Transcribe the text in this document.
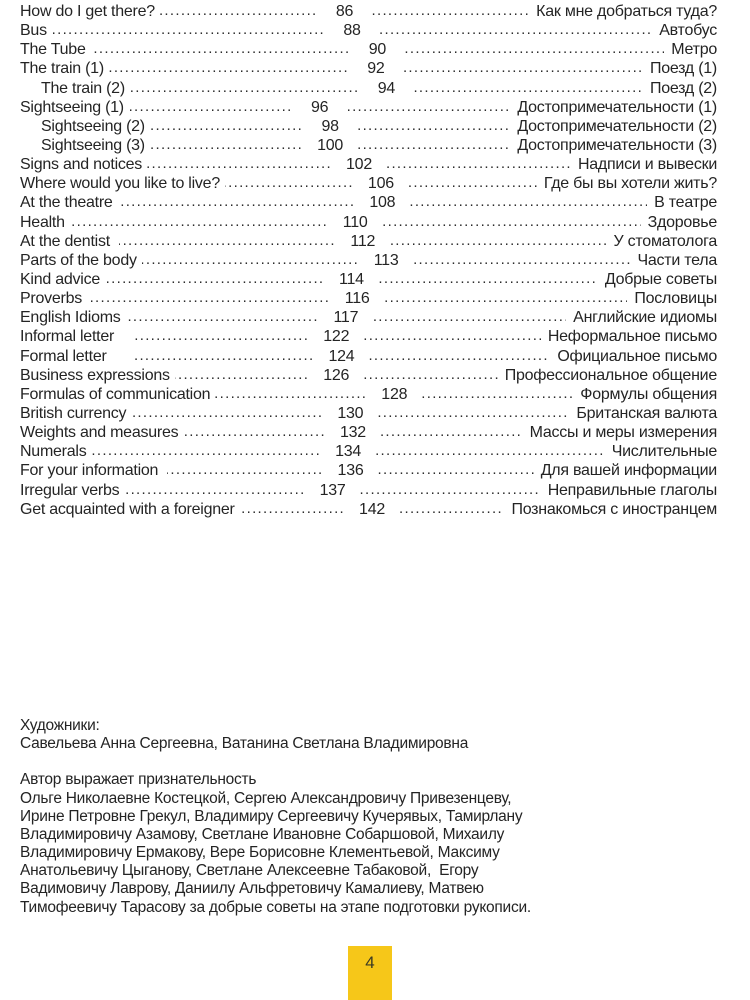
How do I get there? .....	86 .....	Как мне добраться туда?
Bus .....	88 .....	Автобус
The Tube .....	90 .....	Метро
The train (1) .....	92 .....	Поезд (1)
The train (2) .....	94 .....	Поезд (2)
Sightseeing (1) .....	96 .....	Достопримечательности (1)
Sightseeing (2) .....	98 .....	Достопримечательности (2)
Sightseeing (3) .....	100 .....	Достопримечательности (3)
Signs and notices .....	102 .....	Надписи и вывески
Where would you like to live? .....	106 .....	Где бы вы хотели жить?
At the theatre .....	108 .....	В театре
Health .....	110 .....	Здоровье
At the dentist .....	112 .....	У стоматолога
Parts of the body .....	113 .....	Части тела
Kind advice .....	114 .....	Добрые советы
Proverbs .....	116 .....	Пословицы
English Idioms .....	117 .....	Английские идиомы
Informal letter .....	122 .....	Неформальное письмо
Formal letter .....	124 .....	Официальное письмо
Business expressions .....	126 .....	Профессиональное общение
Formulas of communication .....	128 .....	Формулы общения
British currency .....	130 .....	Британская валюта
Weights and measures .....	132 .....	Массы и меры измерения
Numerals .....	134 .....	Числительные
For your information .....	136 .....	Для вашей информации
Irregular verbs .....	137 .....	Неправильные глаголы
Get acquainted with a foreigner .....	142 .....	Познакомься с иностранцем
Художники:
Савельева Анна Сергеевна, Ватанина Светлана Владимировна
Автор выражает признательность
Ольге Николаевне Костецкой, Сергею Александровичу Привезенцеву,
Ирине Петровне Грекул, Владимиру Сергеевичу Кучерявых, Тамирлану
Владимировичу Азамову, Светлане Ивановне Собаршовой, Михаилу
Владимировичу Ермакову, Вере Борисовне Клементьевой, Максиму
Анатольевичу Цыганову, Светлане Алексеевне Табаковой,  Егору
Вадимовичу Лаврову, Даниилу Альфретовичу Камалиеву, Матвею
Тимофеевичу Тарасову за добрые советы на этапе подготовки рукописи.
4
